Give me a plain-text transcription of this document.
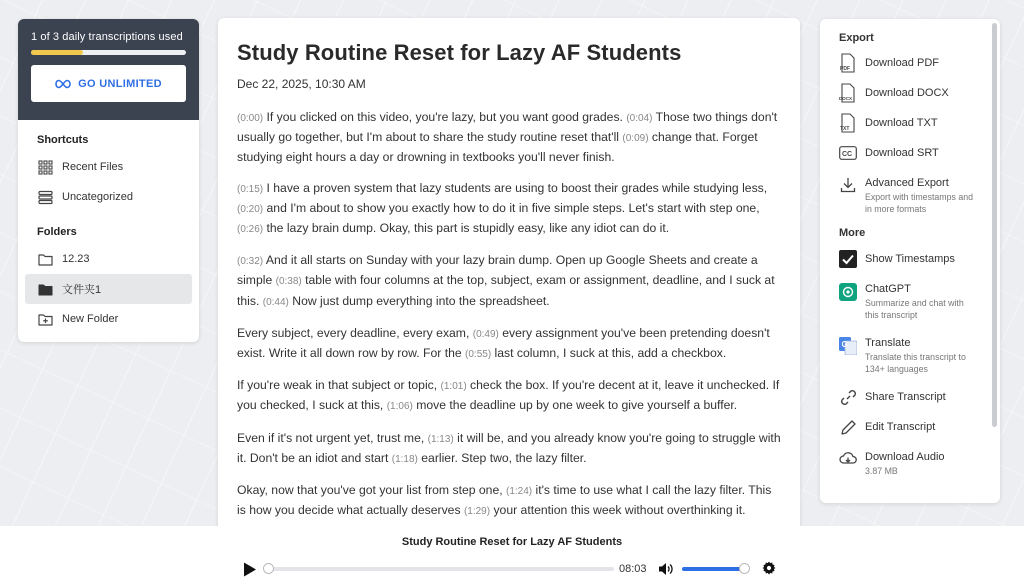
1 of 3 daily transcriptions used
GO UNLIMITED
Shortcuts
Recent Files
Uncategorized
Folders
12.23
文件夹1
New Folder
Study Routine Reset for Lazy AF Students
Dec 22, 2025, 10:30 AM

(0:00) If you clicked on this video, you're lazy, but you want good grades. (0:04) Those two things don't usually go together, but I'm about to share the study routine reset that'll (0:09) change that. Forget studying eight hours a day or drowning in textbooks you'll never finish.

(0:15) I have a proven system that lazy students are using to boost their grades while studying less, (0:20) and I'm about to show you exactly how to do it in five simple steps. Let's start with step one, (0:26) the lazy brain dump. Okay, this part is stupidly easy, like any idiot can do it.

(0:32) And it all starts on Sunday with your lazy brain dump. Open up Google Sheets and create a simple (0:38) table with four columns at the top, subject, exam or assignment, deadline, and I suck at this. (0:44) Now just dump everything into the spreadsheet.

Every subject, every deadline, every exam, (0:49) every assignment you've been pretending doesn't exist. Write it all down row by row. For the (0:55) last column, I suck at this, add a checkbox.

If you're weak in that subject or topic, (1:01) check the box. If you're decent at it, leave it unchecked. If you checked, I suck at this, (1:06) move the deadline up by one week to give yourself a buffer.

Even if it's not urgent yet, trust me, (1:13) it will be, and you already know you're going to struggle with it. Don't be an idiot and start (1:18) earlier. Step two, the lazy filter.

Okay, now that you've got your list from step one, (1:24) it's time to use what I call the lazy filter. This is how you decide what actually deserves (1:29) your attention this week without overthinking it.

Export
PDF Download PDF
DOCX Download DOCX
TXT Download TXT
CC Download SRT
Advanced Export
Export with timestamps and in more formats
More
Show Timestamps
ChatGPT
Summarize and chat with this transcript
G Translate
Translate this transcript to 134+ languages
Share Transcript
Edit Transcript
Download Audio
3.87 MB
Study Routine Reset for Lazy AF Students
08:03
